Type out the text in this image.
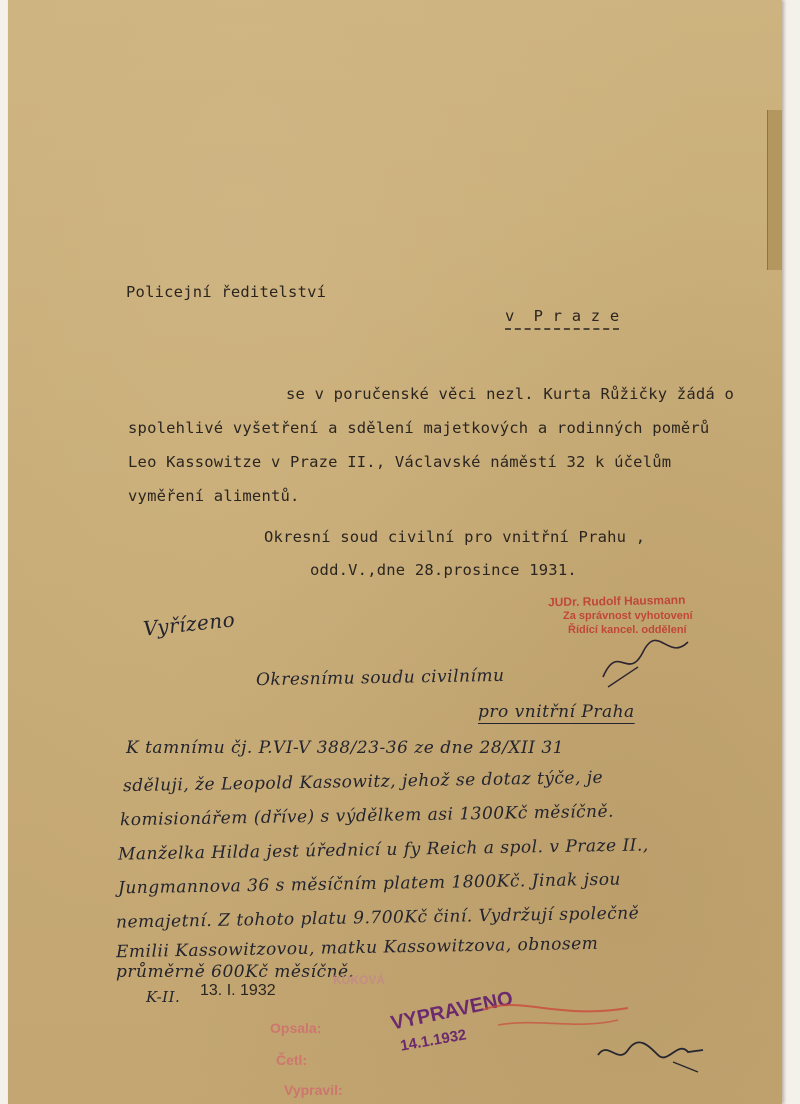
Policejní ředitelství
v  P r a z e
se v poručenské věci nezl. Kurta Růžičky žádá o
spolehlivé vyšetření a sdělení majetkových a rodinných poměrů
Leo Kassowitze v Praze II., Václavské náměstí 32 k účelům
vyměření alimentů.
Okresní soud civilní pro vnitřní Prahu ,
odd.V.,dne 28.prosince 1931.
JUDr. Rudolf Hausmann
Za správnost vyhotovení
Řídící kancel. oddělení
Vyřízeno
Okresnímu soudu civilnímu
pro vnitřní Praha
K tamnímu čj. P.VI-V 388/23-36 ze dne 28/XII 31
sděluji, že Leopold Kassowitz, jehož se dotaz týče, je
komisionářem (dříve) s výdělkem asi 1300Kč měsíčně.
Manželka Hilda jest úřednicí u fy Reich a spol. v Praze II.,
Jungmannova 36 s měsíčním platem 1800Kč. Jinak jsou
nemajetní. Z tohoto platu 9.700Kč činí. Vydržují společně
Emilii Kassowitzovou, matku Kassowitzova, obnosem
průměrně 600Kč měsíčně.
K-II. 13. I. 1932
KUKOVÁ
Opsala:
Četl:
Vypravil:
VYPRAVENO
14.1.1932
